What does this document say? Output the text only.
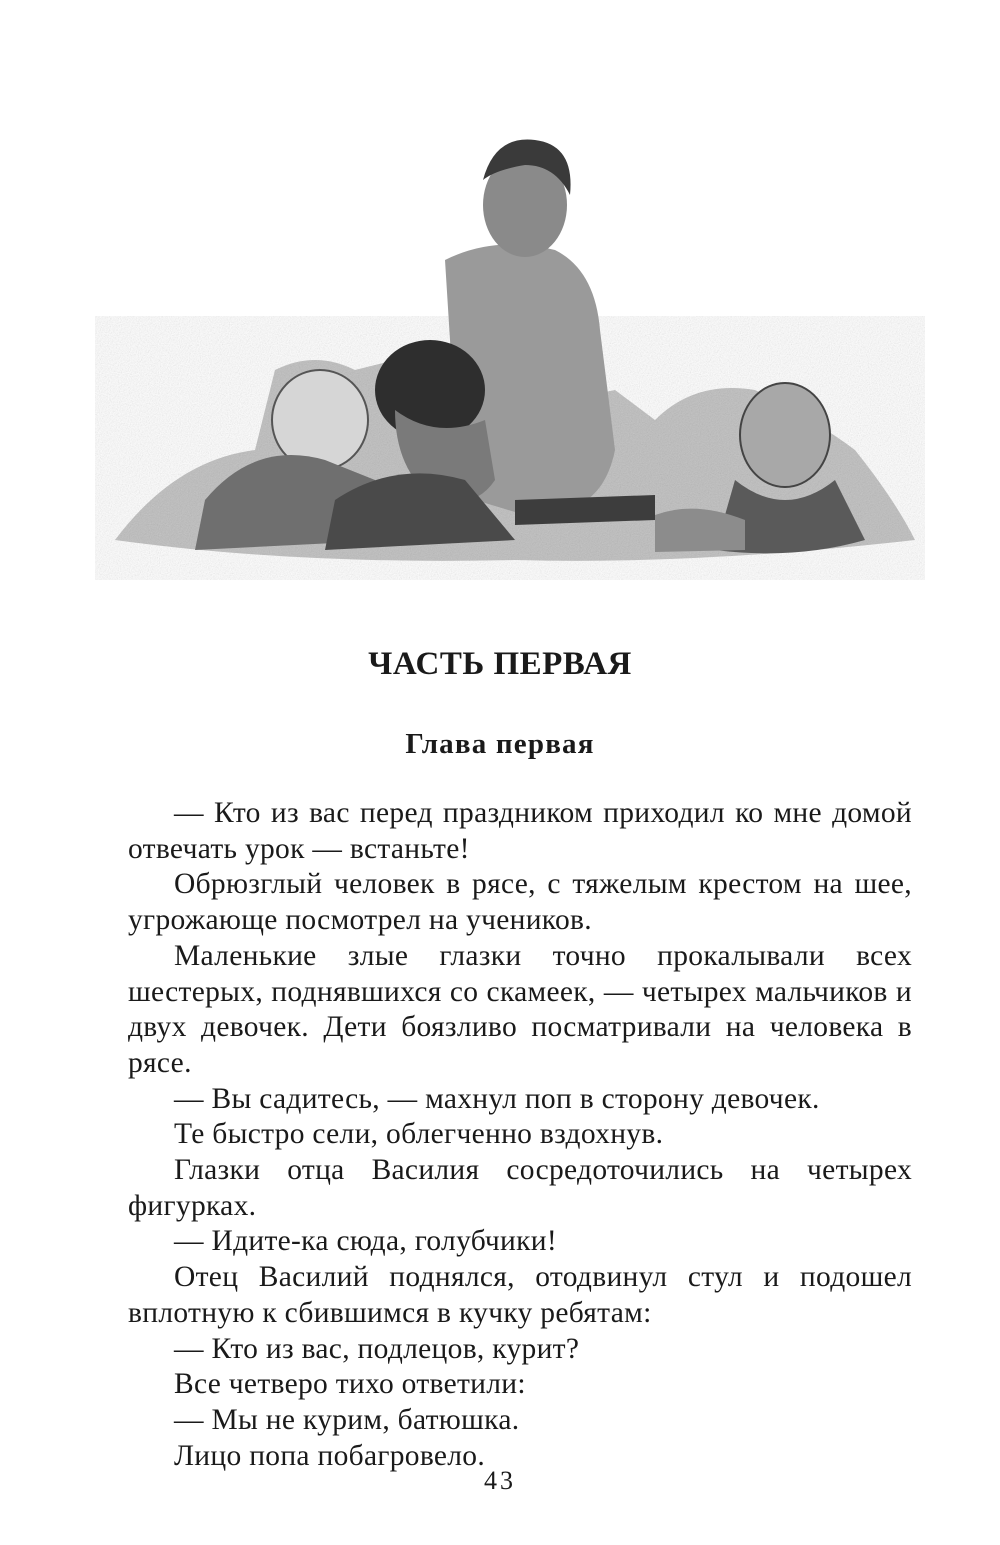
ЧАСТЬ ПЕРВАЯ
Глава первая

— Кто из вас перед праздником приходил ко мне домой отвечать урок — встаньте!

Обрюзглый человек в рясе, с тяжелым крестом на шее, угрожающе посмотрел на учеников.

Маленькие злые глазки точно прокалывали всех шестерых, поднявшихся со скамеек, — четырех мальчиков и двух девочек. Дети боязливо посматривали на человека в рясе.

— Вы садитесь, — махнул поп в сторону девочек.

Те быстро сели, облегченно вздохнув.

Глазки отца Василия сосредоточились на четырех фигурках.

— Идите-ка сюда, голубчики!

Отец Василий поднялся, отодвинул стул и подошел вплотную к сбившимся в кучку ребятам:

— Кто из вас, подлецов, курит?

Все четверо тихо ответили:

— Мы не курим, батюшка.

Лицо попа побагровело.

43
